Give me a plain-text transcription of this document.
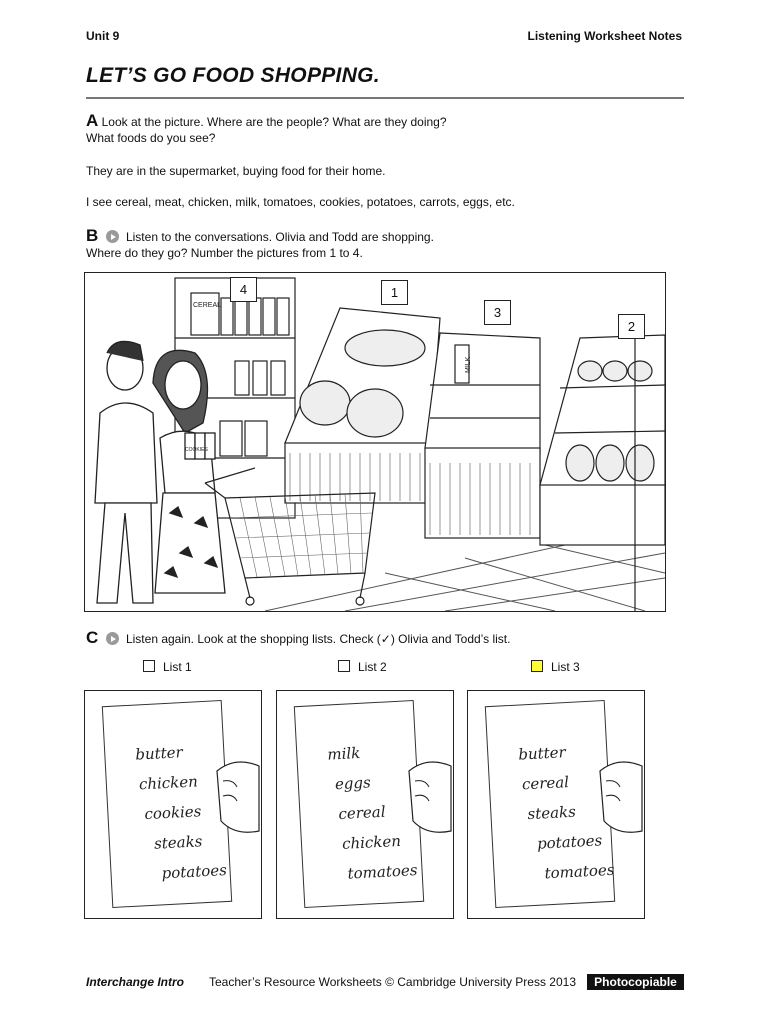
Unit 9	Listening Worksheet Notes
LET’S GO FOOD SHOPPING.
A Look at the picture. Where are the people? What are they doing?
What foods do you see?
They are in the supermarket, buying food for their home.
I see cereal, meat, chicken, milk, tomatoes, cookies, potatoes, carrots, eggs, etc.
B Listen to the conversations. Olivia and Todd are shopping.
Where do they go? Number the pictures from 1 to 4.
CEREAL
MILK
COOKIES
4	1
3
2
C Listen again. Look at the shopping lists. Check (✓) Olivia and Todd’s list.
List 1	List 2	List 3
butter
chicken
cookies
steaks
potatoes
milk
eggs
cereal
chicken
tomatoes
butter
cereal
steaks
potatoes
tomatoes
Interchange Intro Teacher’s Resource Worksheets © Cambridge University Press 2013	Photocopiable
